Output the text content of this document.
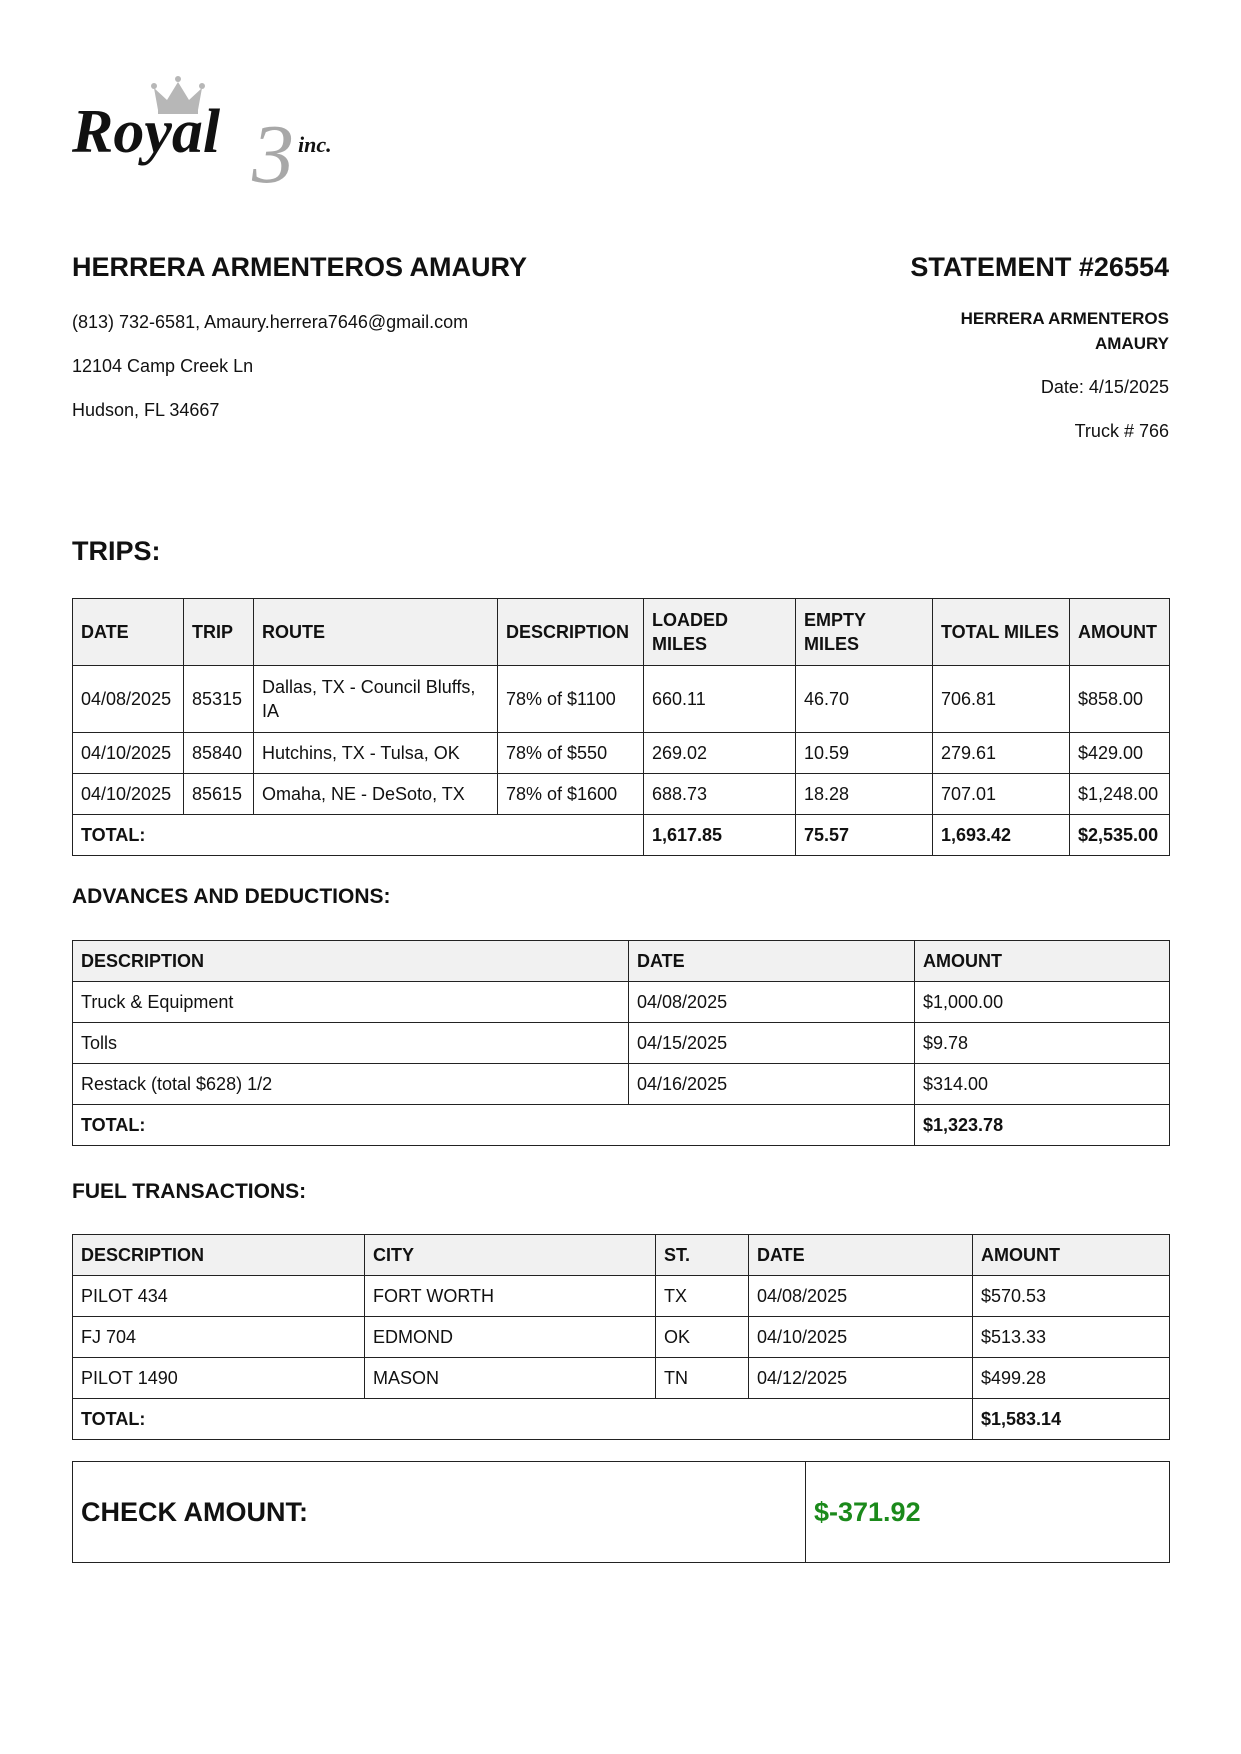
3
Royal	inc.

HERRERA ARMENTEROS AMAURY

(813) 732-6581, Amaury.herrera7646@gmail.com

12104 Camp Creek Ln

Hudson, FL 34667

STATEMENT #26554

HERRERA ARMENTEROS
AMAURY
Date: 4/15/2025
Truck # 766

TRIPS:

DATE	TRIP	ROUTE	DESCRIPTION	LOADED MILES	EMPTY MILES	TOTAL MILES	AMOUNT
04/08/2025	85315	Dallas, TX - Council Bluffs, IA	78% of $1100	660.11	46.70	706.81	$858.00
04/10/2025	85840	Hutchins, TX - Tulsa, OK	78% of $550	269.02	10.59	279.61	$429.00
04/10/2025	85615	Omaha, NE - DeSoto, TX	78% of $1600	688.73	18.28	707.01	$1,248.00
TOTAL:				1,617.85	75.57	1,693.42	$2,535.00

ADVANCES AND DEDUCTIONS:

DESCRIPTION	DATE	AMOUNT
Truck & Equipment	04/08/2025	$1,000.00
Tolls	04/15/2025	$9.78
Restack (total $628) 1/2	04/16/2025	$314.00
TOTAL:		$1,323.78

FUEL TRANSACTIONS:

DESCRIPTION	CITY	ST.	DATE	AMOUNT
PILOT 434	FORT WORTH	TX	04/08/2025	$570.53
FJ 704	EDMOND	OK	04/10/2025	$513.33
PILOT 1490	MASON	TN	04/12/2025	$499.28
TOTAL:				$1,583.14
CHECK AMOUNT:	$-371.92
